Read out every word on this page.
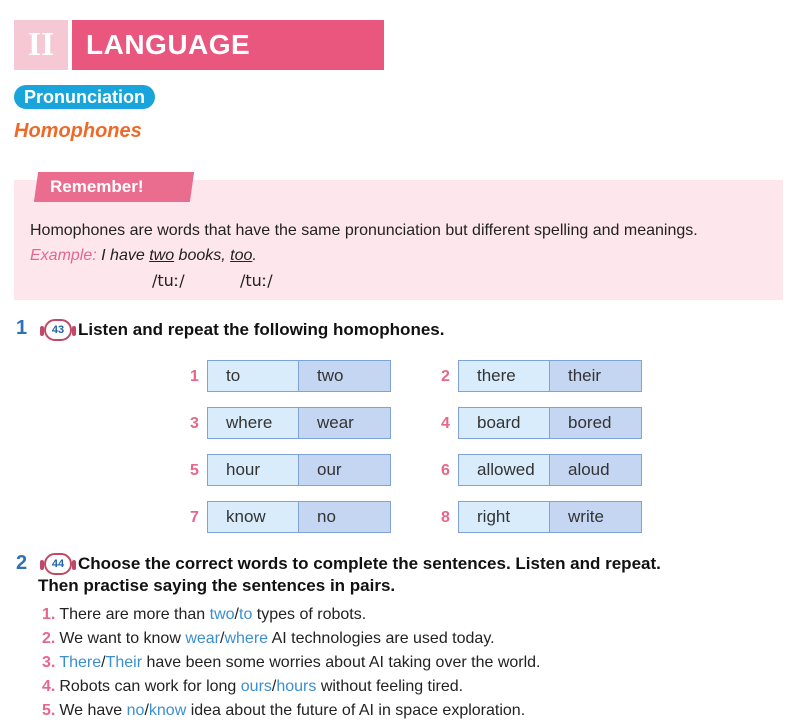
II	LANGUAGE
Pronunciation
Homophones
Remember!
Homophones are words that have the same pronunciation but different spelling and meanings.
Example: I have two books, too.
/tuː/	/tuː/
1 43 Listen and repeat the following homophones.
1	to	two	2	there	their
3	where	wear	4	board	bored
5	hour	our	6	allowed	aloud
7	know	no	8	right	write
2 44 Choose the correct words to complete the sentences. Listen and repeat.
Then practise saying the sentences in pairs.
1. There are more than two/to types of robots.
2. We want to know wear/where AI technologies are used today.
3. There/Their have been some worries about AI taking over the world.
4. Robots can work for long ours/hours without feeling tired.
5. We have no/know idea about the future of AI in space exploration.
